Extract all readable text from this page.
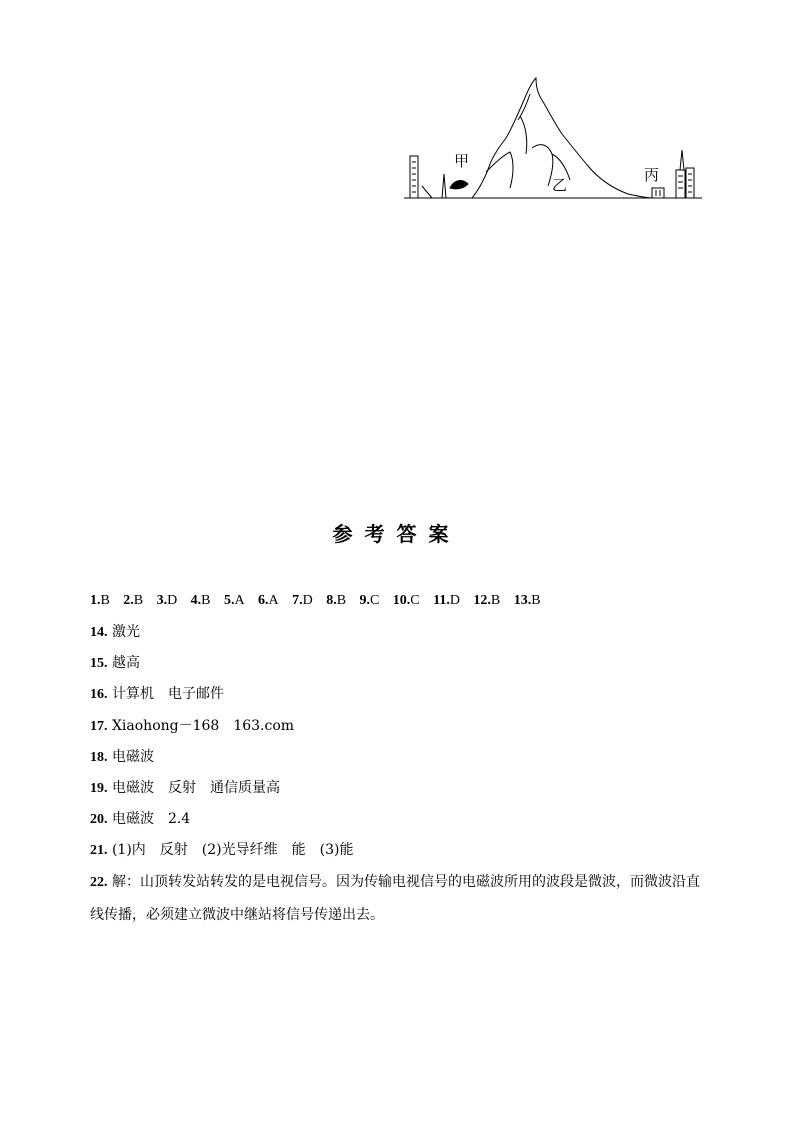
甲
乙
丙
参考答案
1.B 2.B 3.D 4.B 5.A 6.A 7.D 8.B 9.C 10.C 11.D 12.B 13.B
14. 激光
15. 越高
16. 计算机 电子邮件
17. Xiaohong－168 163.com
18. 电磁波
19. 电磁波 反射 通信质量高
20. 电磁波 2.4
21. (1)内 反射 (2)光导纤维 能 (3)能
22. 解：山顶转发站转发的是电视信号。因为传输电视信号的电磁波所用的波段是微波，而微波沿直
线传播，必须建立微波中继站将信号传递出去。
